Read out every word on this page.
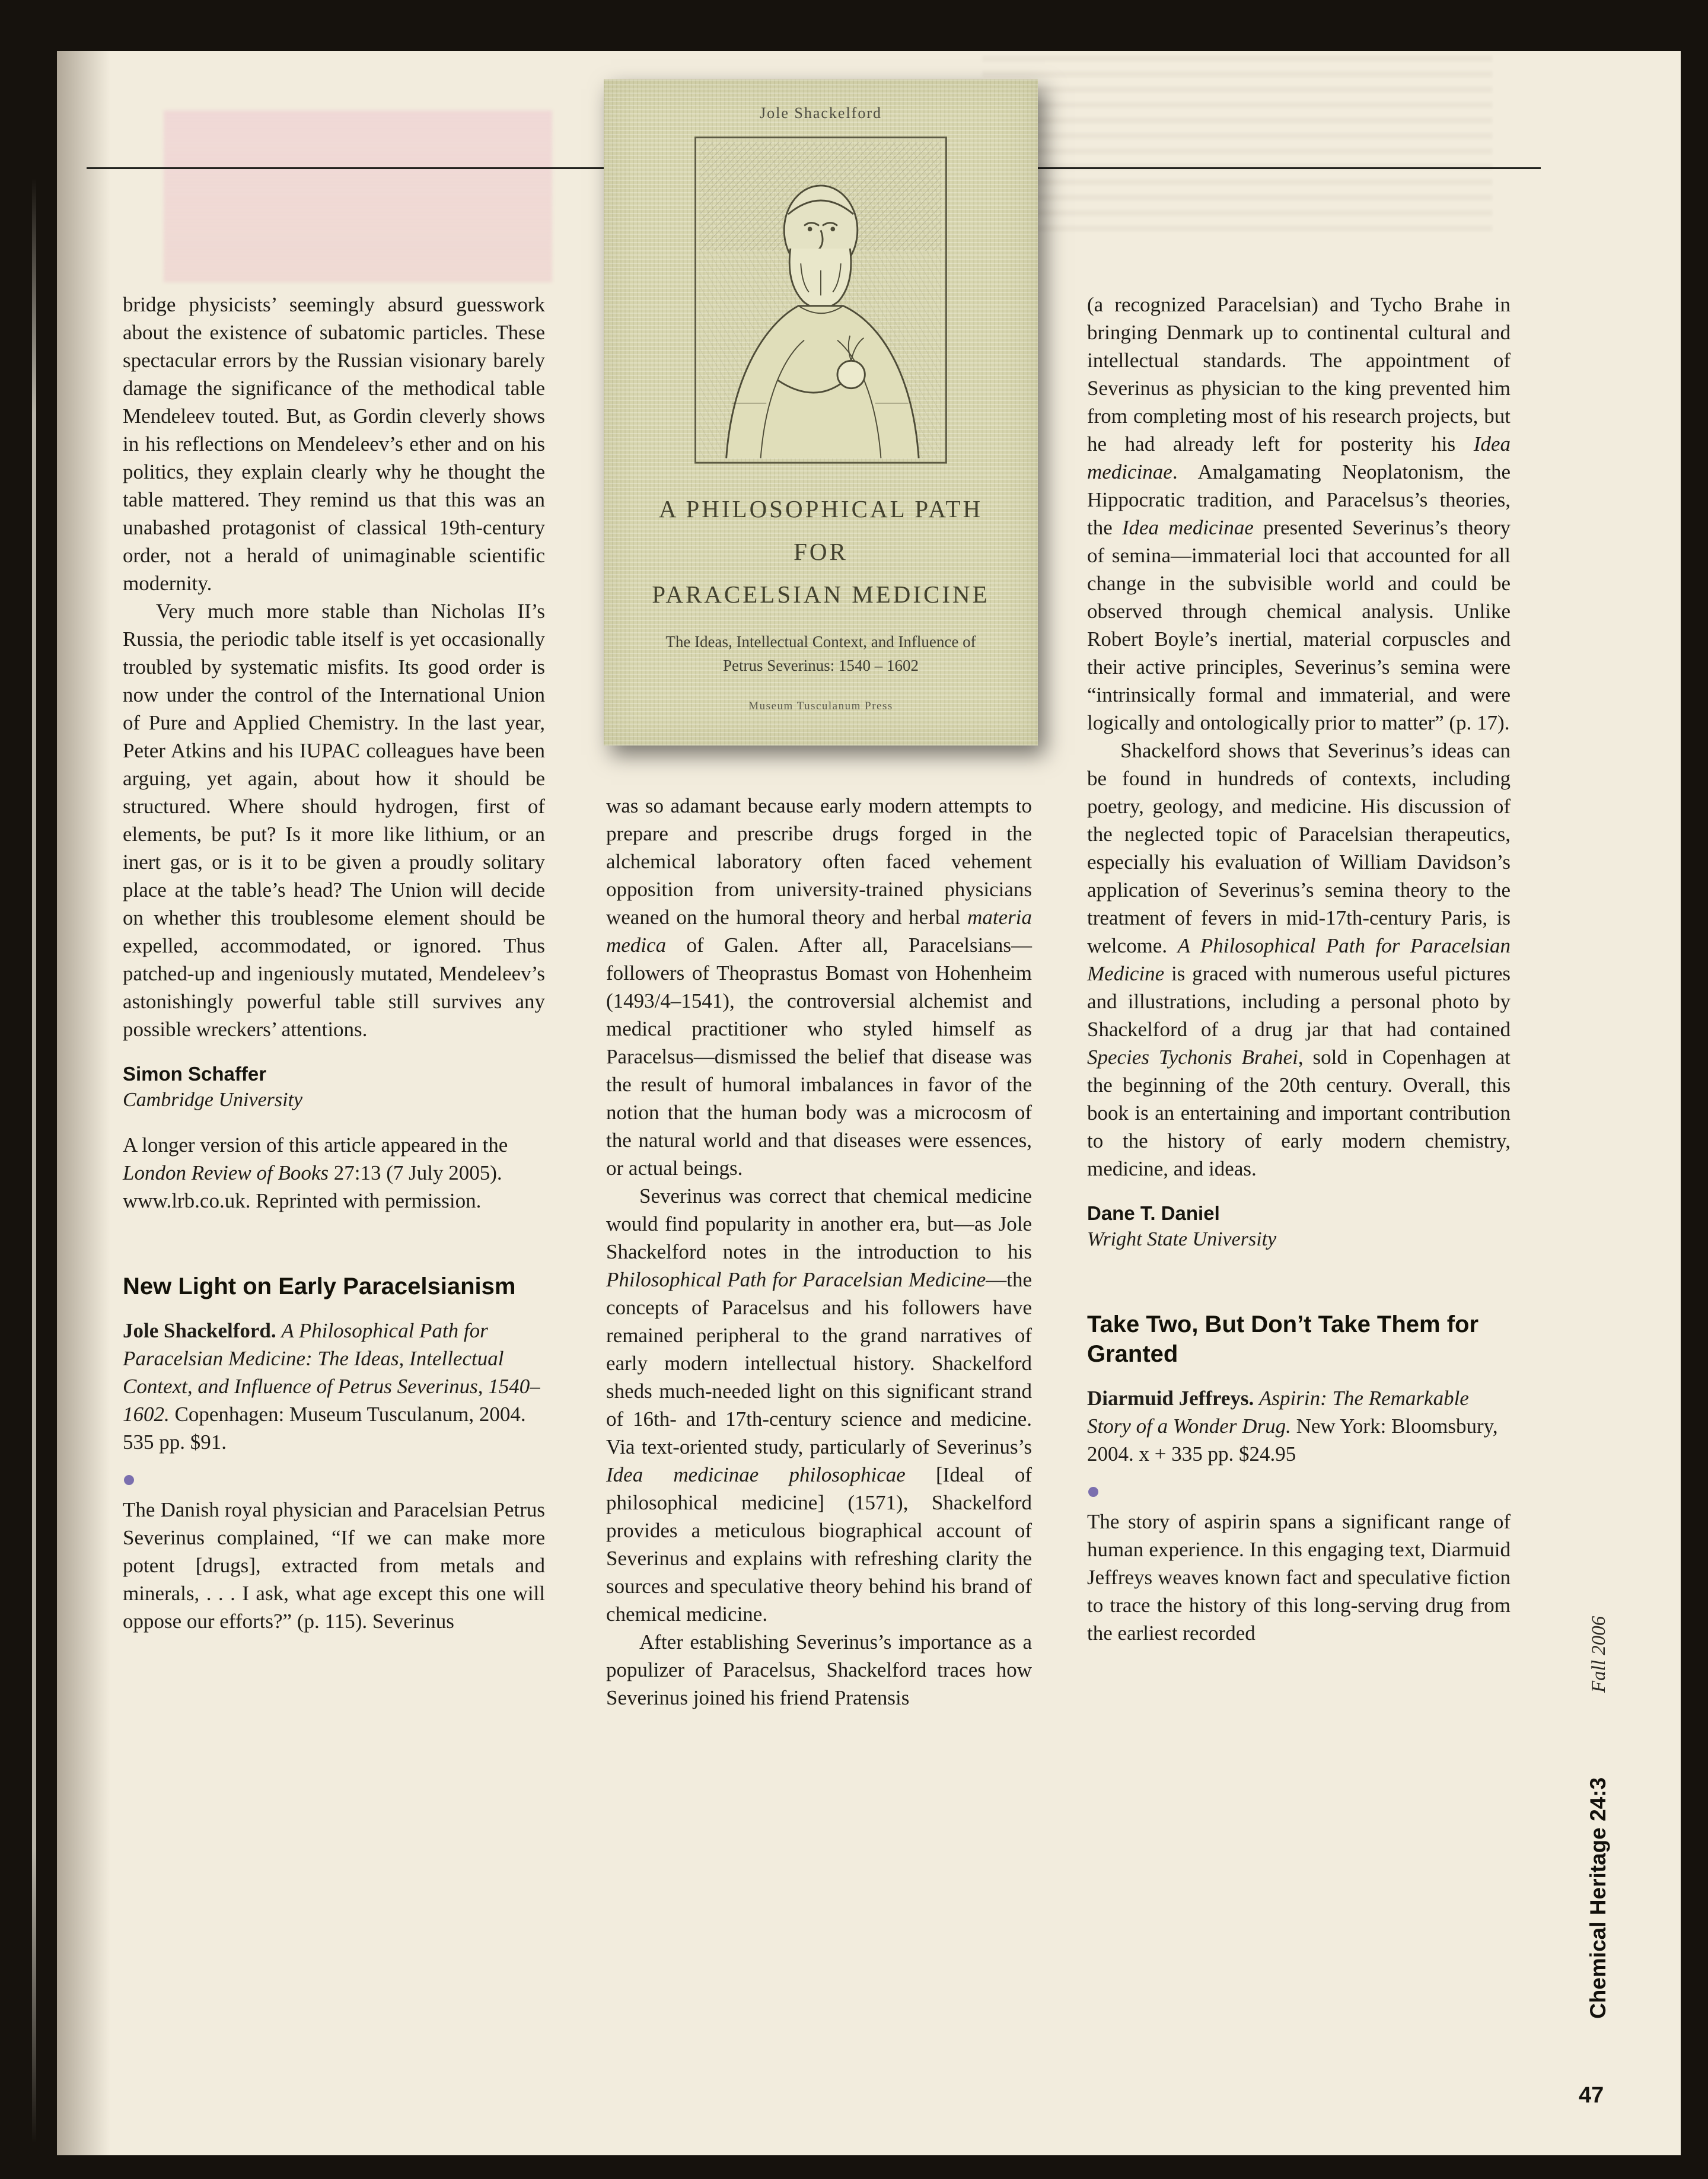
Jole Shackelford
A PHILOSOPHICAL PATH
FOR
PARACELSIAN MEDICINE
The Ideas, Intellectual Context, and Influence of
Petrus Severinus: 1540 – 1602
Museum Tusculanum Press

bridge physicists’ seemingly absurd guesswork about the existence of subatomic particles. These spectacular errors by the Russian visionary barely damage the significance of the methodical table Mendeleev touted. But, as Gordin cleverly shows in his reflections on Mendeleev’s ether and on his politics, they explain clearly why he thought the table mattered. They remind us that this was an unabashed protagonist of classical 19th-century order, not a herald of unimaginable scientific modernity.

Very much more stable than Nicholas II’s Russia, the periodic table itself is yet occasionally troubled by systematic misfits. Its good order is now under the control of the International Union of Pure and Applied Chemistry. In the last year, Peter Atkins and his IUPAC colleagues have been arguing, yet again, about how it should be structured. Where should hydrogen, first of elements, be put? Is it more like lithium, or an inert gas, or is it to be given a proudly solitary place at the table’s head? The Union will decide on whether this troublesome element should be expelled, accommodated, or ignored. Thus patched-up and ingeniously mutated, Mendeleev’s astonishingly powerful table still survives any possible wreckers’ attentions.

Simon Schaffer
Cambridge University

A longer version of this article appeared in the London Review of Books 27:13 (7 July 2005). www.lrb.co.uk. Reprinted with permission.

New Light on Early Paracelsianism

Jole Shackelford. A Philosophical Path for Paracelsian Medicine: The Ideas, Intellectual Context, and Influence of Petrus Severinus, 1540–1602. Copenhagen: Museum Tusculanum, 2004. 535 pp. $91.

The Danish royal physician and Paracelsian Petrus Severinus complained, “If we can make more potent [drugs], extracted from metals and minerals, . . . I ask, what age except this one will oppose our efforts?” (p. 115). Severinus

was so adamant because early modern attempts to prepare and prescribe drugs forged in the alchemical laboratory often faced vehement opposition from university-trained physicians weaned on the humoral theory and herbal materia medica of Galen. After all, Paracelsians—followers of Theoprastus Bomast von Hohenheim (1493/4–1541), the controversial alchemist and medical practitioner who styled himself as Paracelsus—dismissed the belief that disease was the result of humoral imbalances in favor of the notion that the human body was a microcosm of the natural world and that diseases were essences, or actual beings.

Severinus was correct that chemical medicine would find popularity in another era, but—as Jole Shackelford notes in the introduction to his Philosophical Path for Paracelsian Medicine—the concepts of Paracelsus and his followers have remained peripheral to the grand narratives of early modern intellectual history. Shackelford sheds much-needed light on this significant strand of 16th- and 17th-century science and medicine. Via text-oriented study, particularly of Severinus’s Idea medicinae philosophicae [Ideal of philosophical medicine] (1571), Shackelford provides a meticulous biographical account of Severinus and explains with refreshing clarity the sources and speculative theory behind his brand of chemical medicine.

After establishing Severinus’s importance as a populizer of Paracelsus, Shackelford traces how Severinus joined his friend Pratensis

(a recognized Paracelsian) and Tycho Brahe in bringing Denmark up to continental cultural and intellectual standards. The appointment of Severinus as physician to the king prevented him from completing most of his research projects, but he had already left for posterity his Idea medicinae. Amalgamating Neoplatonism, the Hippocratic tradition, and Paracelsus’s theories, the Idea medicinae presented Severinus’s theory of semina—immaterial loci that accounted for all change in the subvisible world and could be observed through chemical analysis. Unlike Robert Boyle’s inertial, material corpuscles and their active principles, Severinus’s semina were “intrinsically formal and immaterial, and were logically and ontologically prior to matter” (p. 17).

Shackelford shows that Severinus’s ideas can be found in hundreds of contexts, including poetry, geology, and medicine. His discussion of the neglected topic of Paracelsian therapeutics, especially his evaluation of William Davidson’s application of Severinus’s semina theory to the treatment of fevers in mid-17th-century Paris, is welcome. A Philosophical Path for Paracelsian Medicine is graced with numerous useful pictures and illustrations, including a personal photo by Shackelford of a drug jar that had contained Species Tychonis Brahei, sold in Copenhagen at the beginning of the 20th century. Overall, this book is an entertaining and important contribution to the history of early modern chemistry, medicine, and ideas.

Dane T. Daniel
Wright State University
Take Two, But Don’t Take Them for Granted

Diarmuid Jeffreys. Aspirin: The Remarkable Story of a Wonder Drug. New York: Bloomsbury, 2004. x + 335 pp. $24.95

The story of aspirin spans a significant range of human experience. In this engaging text, Diarmuid Jeffreys weaves known fact and speculative fiction to trace the history of this long-serving drug from the earliest recorded	Fall 2006
Chemical Heritage 24:3
47
